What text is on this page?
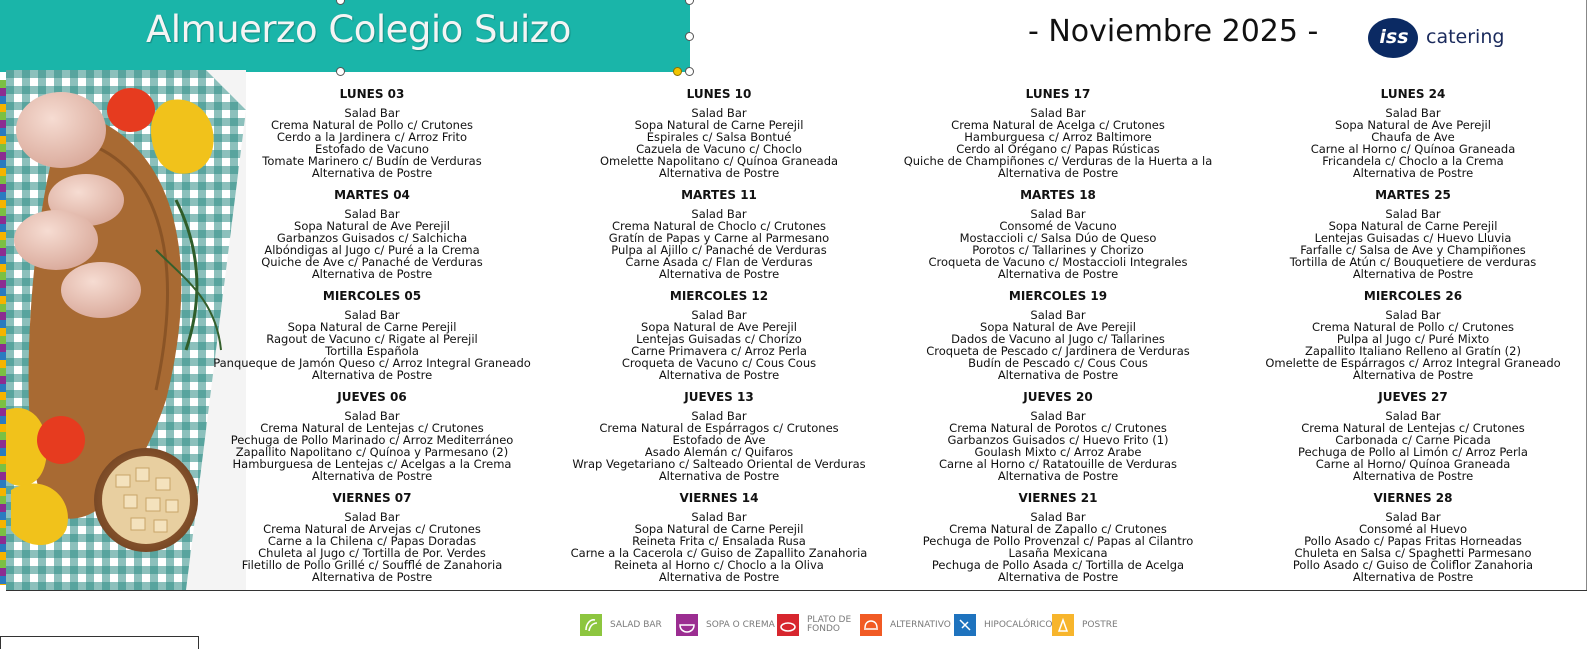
Almuerzo Colegio Suizo	- Noviembre 2025 -	iss catering
LUNES 03
Salad Bar
Crema Natural de Pollo c/ Crutones
Cerdo a la Jardinera c/ Arroz Frito
Estofado de Vacuno
Tomate Marinero c/ Budín de Verduras
Alternativa de Postre
MARTES 04
Salad Bar
Sopa Natural de Ave Perejil
Garbanzos Guisados c/ Salchicha
Albóndigas al Jugo c/ Puré a la Crema
Quiche de Ave c/ Panaché de Verduras
Alternativa de Postre
MIERCOLES 05
Salad Bar
Sopa Natural de Carne Perejil
Ragout de Vacuno c/ Rigate al Perejil
Tortilla Española
Panqueque de Jamón Queso c/ Arroz Integral Graneado
Alternativa de Postre
JUEVES 06
Salad Bar
Crema Natural de Lentejas c/ Crutones
Pechuga de Pollo Marinado c/ Arroz Mediterráneo
Zapallito Napolitano c/ Quínoa y Parmesano (2)
Hamburguesa de Lentejas c/ Acelgas a la Crema
Alternativa de Postre
VIERNES 07
Salad Bar
Crema Natural de Arvejas c/ Crutones
Carne a la Chilena c/ Papas Doradas
Chuleta al Jugo c/ Tortilla de Por. Verdes
Filetillo de Pollo Grillé c/ Soufflé de Zanahoria
Alternativa de Postre
LUNES 10
Salad Bar
Sopa Natural de Carne Perejil
Espirales c/ Salsa Bontué
Cazuela de Vacuno c/ Choclo
Omelette Napolitano c/ Quínoa Graneada
Alternativa de Postre
MARTES 11
Salad Bar
Crema Natural de Choclo c/ Crutones
Gratín de Papas y Carne al Parmesano
Pulpa al Ajillo c/ Panaché de Verduras
Carne Asada c/ Flan de Verduras
Alternativa de Postre
MIERCOLES 12
Salad Bar
Sopa Natural de Ave Perejil
Lentejas Guisadas c/ Chorizo
Carne Primavera c/ Arroz Perla
Croqueta de Vacuno c/ Cous Cous
Alternativa de Postre
JUEVES 13
Salad Bar
Crema Natural de Espárragos c/ Crutones
Estofado de Ave
Asado Alemán c/ Quifaros
Wrap Vegetariano c/ Salteado Oriental de Verduras
Alternativa de Postre
VIERNES 14
Salad Bar
Sopa Natural de Carne Perejil
Reineta Frita c/ Ensalada Rusa
Carne a la Cacerola c/ Guiso de Zapallito Zanahoria
Reineta al Horno c/ Choclo a la Oliva
Alternativa de Postre
LUNES 17
Salad Bar
Crema Natural de Acelga c/ Crutones
Hamburguesa c/ Arroz Baltimore
Cerdo al Orégano c/ Papas Rústicas
Quiche de Champiñones c/ Verduras de la Huerta a la
Alternativa de Postre
MARTES 18
Salad Bar
Consomé de Vacuno
Mostaccioli c/ Salsa Dúo de Queso
Porotos c/ Tallarines y Chorizo
Croqueta de Vacuno c/ Mostaccioli Integrales
Alternativa de Postre
MIERCOLES 19
Salad Bar
Sopa Natural de Ave Perejil
Dados de Vacuno al Jugo c/ Tallarines
Croqueta de Pescado c/ Jardinera de Verduras
Budín de Pescado c/ Cous Cous
Alternativa de Postre
JUEVES 20
Salad Bar
Crema Natural de Porotos c/ Crutones
Garbanzos Guisados c/ Huevo Frito (1)
Goulash Mixto c/ Arroz Arabe
Carne al Horno c/ Ratatouille de Verduras
Alternativa de Postre
VIERNES 21
Salad Bar
Crema Natural de Zapallo c/ Crutones
Pechuga de Pollo Provenzal c/ Papas al Cilantro
Lasaña Mexicana
Pechuga de Pollo Asada c/ Tortilla de Acelga
Alternativa de Postre
LUNES 24
Salad Bar
Sopa Natural de Ave Perejil
Chaufa de Ave
Carne al Horno c/ Quínoa Graneada
Fricandela c/ Choclo a la Crema
Alternativa de Postre
MARTES 25
Salad Bar
Sopa Natural de Carne Perejil
Lentejas Guisadas c/ Huevo Lluvia
Farfalle c/ Salsa de Ave y Champiñones
Tortilla de Atún c/ Bouquetiere de verduras
Alternativa de Postre
MIERCOLES 26
Salad Bar
Crema Natural de Pollo c/ Crutones
Pulpa al Jugo c/ Puré Mixto
Zapallito Italiano Relleno al Gratín (2)
Omelette de Espárragos c/ Arroz Integral Graneado
Alternativa de Postre
JUEVES 27
Salad Bar
Crema Natural de Lentejas c/ Crutones
Carbonada c/ Carne Picada
Pechuga de Pollo al Limón c/ Arroz Perla
Carne al Horno/ Quínoa Graneada
Alternativa de Postre
VIERNES 28
Salad Bar
Consomé al Huevo
Pollo Asado c/ Papas Fritas Horneadas
Chuleta en Salsa c/ Spaghetti Parmesano
Pollo Asado c/ Guiso de Coliflor Zanahoria
Alternativa de Postre
SALAD BAR	SOPA O CREMA	PLATO DE
FONDO	ALTERNATIVO	HIPOCALÓRICO	POSTRE
